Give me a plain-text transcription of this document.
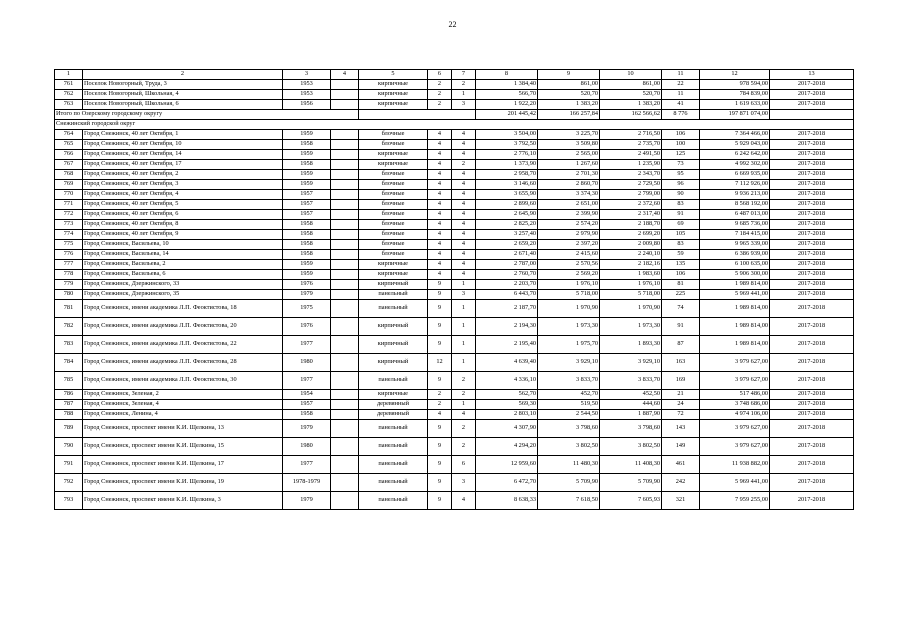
22
1	2	3	4	5	6	7	8	9	10	11	12	13
761	Поселок Новогорный, Труда, 3	1953		кирпичные	2	2	1 384,40	861,00	861,00	22	978 594,00	2017-2018
762	Поселок Новогорный, Школьная, 4	1953		кирпичные	2	1	566,70	520,70	520,70	11	784 839,00	2017-2018
763	Поселок Новогорный, Школьная, 6	1956		кирпичные	2	3	1 922,20	1 383,20	1 383,20	41	1 619 633,00	2017-2018
Итого по Озерскому городскому округу							201 445,42	166 257,84	162 566,62	8 776	197 871 074,00	
Снежинский городской округ												
764	Город Снежинск, 40 лет Октября, 1	1959		блочные	4	4	3 504,00	3 225,70	2 716,50	106	7 364 466,00	2017-2018
765	Город Снежинск, 40 лет Октября, 10	1958		блочные	4	4	3 792,50	3 509,80	2 735,70	100	5 929 043,00	2017-2018
766	Город Снежинск, 40 лет Октября, 14	1959		кирпичные	4	4	2 776,10	2 565,00	2 491,50	125	6 242 642,00	2017-2018
767	Город Снежинск, 40 лет Октября, 17	1958		кирпичные	4	2	1 373,90	1 267,60	1 235,90	73	4 992 302,00	2017-2018
768	Город Снежинск, 40 лет Октября, 2	1959		блочные	4	4	2 958,70	2 701,30	2 343,70	95	6 669 935,00	2017-2018
769	Город Снежинск, 40 лет Октября, 3	1959		блочные	4	4	3 146,60	2 860,70	2 729,50	96	7 112 926,00	2017-2018
770	Город Снежинск, 40 лет Октября, 4	1957		блочные	4	4	3 655,90	3 374,30	2 799,00	90	9 936 213,00	2017-2018
771	Город Снежинск, 40 лет Октября, 5	1957		блочные	4	4	2 899,60	2 651,00	2 372,60	83	8 568 192,00	2017-2018
772	Город Снежинск, 40 лет Октября, 6	1957		блочные	4	4	2 645,90	2 399,90	2 317,40	91	6 487 013,00	2017-2018
773	Город Снежинск, 40 лет Октября, 8	1958		блочные	4	4	2 825,20	2 574,20	2 188,70	69	9 685 736,00	2017-2018
774	Город Снежинск, 40 лет Октября, 9	1958		блочные	4	4	3 257,40	2 979,90	2 699,20	105	7 184 415,00	2017-2018
775	Город Снежинск, Васильева, 10	1958		блочные	4	4	2 659,20	2 397,20	2 009,80	83	9 965 339,00	2017-2018
776	Город Снежинск, Васильева, 14	1958		блочные	4	4	2 671,40	2 415,60	2 240,10	59	6 386 939,00	2017-2018
777	Город Снежинск, Васильева, 2	1959		кирпичные	4	4	2 787,00	2 570,56	2 182,16	135	6 100 635,00	2017-2018
778	Город Снежинск, Васильева, 6	1959		кирпичные	4	4	2 760,70	2 569,20	1 983,60	106	5 906 300,00	2017-2018
779	Город Снежинск, Дзержинского, 33	1976		кирпичный	9	1	2 203,70	1 976,10	1 976,10	81	1 989 814,00	2017-2018
780	Город Снежинск, Дзержинского, 35	1979		панельный	9	3	6 443,70	5 718,00	5 718,00	225	5 969 441,00	2017-2018
781	Город Снежинск, имени академика Л.П. Феоктистова, 18	1975		панельный	9	1	2 187,70	1 970,90	1 970,90	74	1 989 814,00	2017-2018
782	Город Снежинск, имени академика Л.П. Феоктистова, 20	1976		кирпичный	9	1	2 194,30	1 973,30	1 973,30	91	1 989 814,00	2017-2018
783	Город Снежинск, имени академика Л.П. Феоктистова, 22	1977		кирпичный	9	1	2 195,40	1 975,70	1 893,30	87	1 989 814,00	2017-2018
784	Город Снежинск, имени академика Л.П. Феоктистова, 28	1980		кирпичный	12	1	4 639,40	3 929,10	3 929,10	163	3 979 627,00	2017-2018
785	Город Снежинск, имени академика Л.П. Феоктистова, 30	1977		панельный	9	2	4 336,10	3 833,70	3 833,70	169	3 979 627,00	2017-2018
786	Город Снежинск, Зеленая, 2	1954		кирпичные	2	2	562,70	452,70	452,50	21	517 486,00	2017-2018
787	Город Снежинск, Зеленая, 4	1957		деревянный	2	1	569,30	519,50	444,60	24	3 748 686,00	2017-2018
788	Город Снежинск, Ленина, 4	1958		деревянный	4	4	2 803,10	2 544,50	1 887,90	72	4 974 106,00	2017-2018
789	Город Снежинск, проспект имени К.И. Щелкина, 13	1979		панельный	9	2	4 307,90	3 798,60	3 798,60	143	3 979 627,00	2017-2018
790	Город Снежинск, проспект имени К.И. Щелкина, 15	1980		панельный	9	2	4 294,20	3 802,50	3 802,50	149	3 979 627,00	2017-2018
791	Город Снежинск, проспект имени К.И. Щелкина, 17	1977		панельный	9	6	12 959,60	11 480,30	11 408,30	461	11 938 882,00	2017-2018
792	Город Снежинск, проспект имени К.И. Щелкина, 19	1978-1979		панельный	9	3	6 472,70	5 709,90	5 709,90	242	5 969 441,00	2017-2018
793	Город Снежинск, проспект имени К.И. Щелкина, 3	1979		панельный	9	4	8 638,33	7 618,50	7 605,93	321	7 959 255,00	2017-2018
